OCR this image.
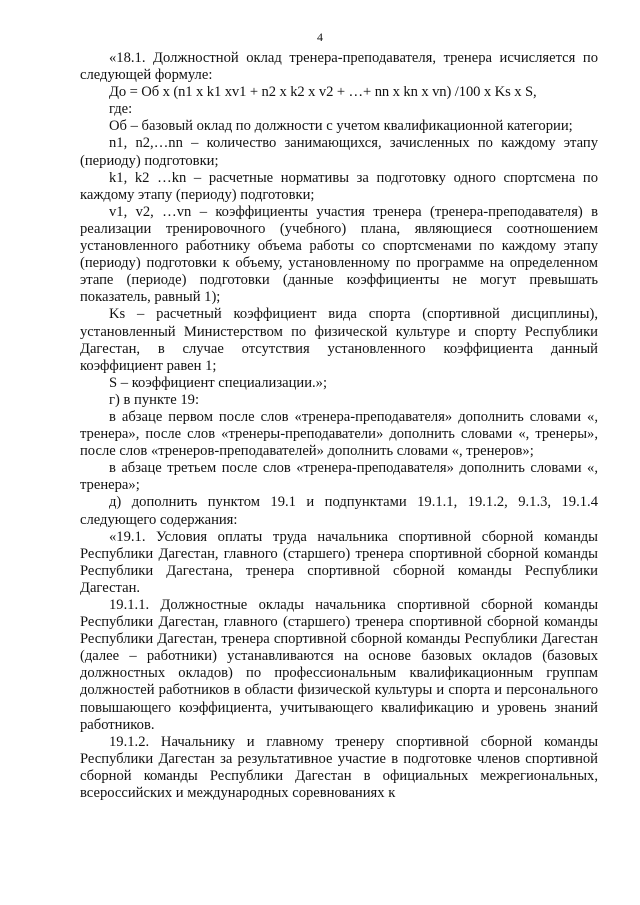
4

«18.1. Должностной оклад тренера-преподавателя, тренера исчисляется по следующей формуле:

До = Об х (n1 х k1 хv1 + n2 х k2 х v2 + …+ nn х kn х vn) /100 х Ks х S,

где:

Об – базовый оклад по должности с учетом квалификационной категории;

n1, n2,…nn – количество занимающихся, зачисленных по каждому этапу (периоду) подготовки;

k1, k2 …kn – расчетные нормативы за подготовку одного спортсмена по каждому этапу (периоду) подготовки;

v1, v2, …vn – коэффициенты участия тренера (тренера-преподавателя) в реализации тренировочного (учебного) плана, являющиеся соотношением установленного работнику объема работы со спортсменами по каждому этапу (периоду) подготовки к объему, установленному по программе на определенном этапе (периоде) подготовки (данные коэффициенты не могут превышать показатель, равный 1);

Ks – расчетный коэффициент вида спорта (спортивной дисциплины), установленный Министерством по физической культуре и спорту Республики Дагестан, в случае отсутствия установленного коэффициента данный коэффициент равен 1;

S – коэффициент специализации.»;

г) в пункте 19:

в абзаце первом после слов «тренера-преподавателя» дополнить словами «, тренера», после слов «тренеры-преподаватели» дополнить словами «, тренеры», после слов «тренеров-преподавателей» дополнить словами «, тренеров»;

в абзаце третьем после слов «тренера-преподавателя» дополнить словами «, тренера»;

д) дополнить пунктом 19.1 и подпунктами 19.1.1, 19.1.2, 9.1.3, 19.1.4 следующего содержания:

«19.1. Условия оплаты труда начальника спортивной сборной команды Республики Дагестан, главного (старшего) тренера спортивной сборной команды Республики Дагестана, тренера спортивной сборной команды Республики Дагестан.

19.1.1. Должностные оклады начальника спортивной сборной команды Республики Дагестан, главного (старшего) тренера спортивной сборной команды Республики Дагестан, тренера спортивной сборной команды Республики Дагестан (далее – работники) устанавливаются на основе базовых окладов (базовых должностных окладов) по профессиональным квалификационным группам должностей работников в области физической культуры и спорта и персонального повышающего коэффициента, учитывающего квалификацию и уровень знаний работников.

19.1.2. Начальнику и главному тренеру спортивной сборной команды Республики Дагестан за результативное участие в подготовке членов спортивной сборной команды Республики Дагестан в официальных межрегиональных, всероссийских и международных соревнованиях к
